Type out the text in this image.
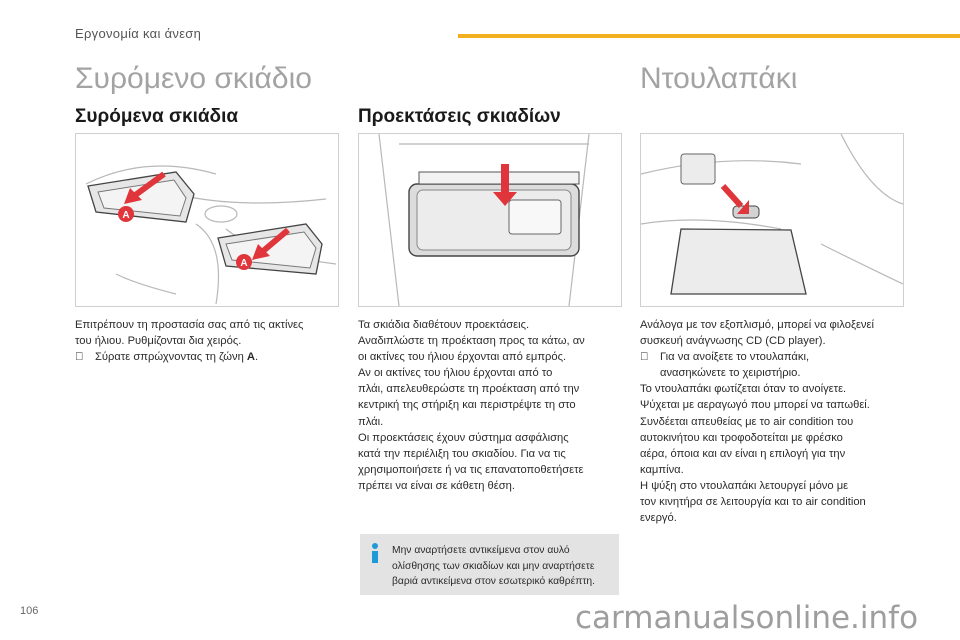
Εργονομία και άνεση
Συρόμενο σκιάδιο	Ντουλαπάκι
Συρόμενα σκιάδια	Προεκτάσεις σκιαδίων
A
A

Επιτρέπουν τη προστασία σας από τις ακτίνες

του ήλιου. Ρυθμίζονται δια χειρός.

Σύρατε σπρώχνοντας τη ζώνη A.

Τα σκιάδια διαθέτουν προεκτάσεις.

Αναδιπλώστε τη προέκταση προς τα κάτω, αν

οι ακτίνες του ήλιου έρχονται από εμπρός.

Αν οι ακτίνες του ήλιου έρχονται από το

πλάι, απελευθερώστε τη προέκταση από την

κεντρική της στήριξη και περιστρέψτε τη στο

πλάι.

Οι προεκτάσεις έχουν σύστημα ασφάλισης

κατά την περιέλιξη του σκιαδίου. Για να τις

χρησιμοποιήσετε ή να τις επανατοποθετήσετε

πρέπει να είναι σε κάθετη θέση.

Μην αναρτήσετε αντικείμενα στον αυλό
ολίσθησης των σκιαδίων και μην αναρτήσετε
βαριά αντικείμενα στον εσωτερικό καθρέπτη.

Ανάλογα με τον εξοπλισμό, μπορεί να φιλοξενεί

συσκευή ανάγνωσης CD (CD player).

Για να ανοίξετε το ντουλαπάκι,
ανασηκώνετε το χειριστήριο.

Το ντουλαπάκι φωτίζεται όταν το ανοίγετε.

Ψύχεται με αεραγωγό που μπορεί να ταπωθεί.

Συνδέεται απευθείας με το air condition του

αυτοκινήτου και τροφοδοτείται με φρέσκο

αέρα, όποια και αν είναι η επιλογή για την

καμπίνα.

Η ψύξη στο ντουλαπάκι λετουργεί μόνο με

τον κινητήρα σε λειτουργία και το air condition

ενεργό.

106	carmanualsonline.info
